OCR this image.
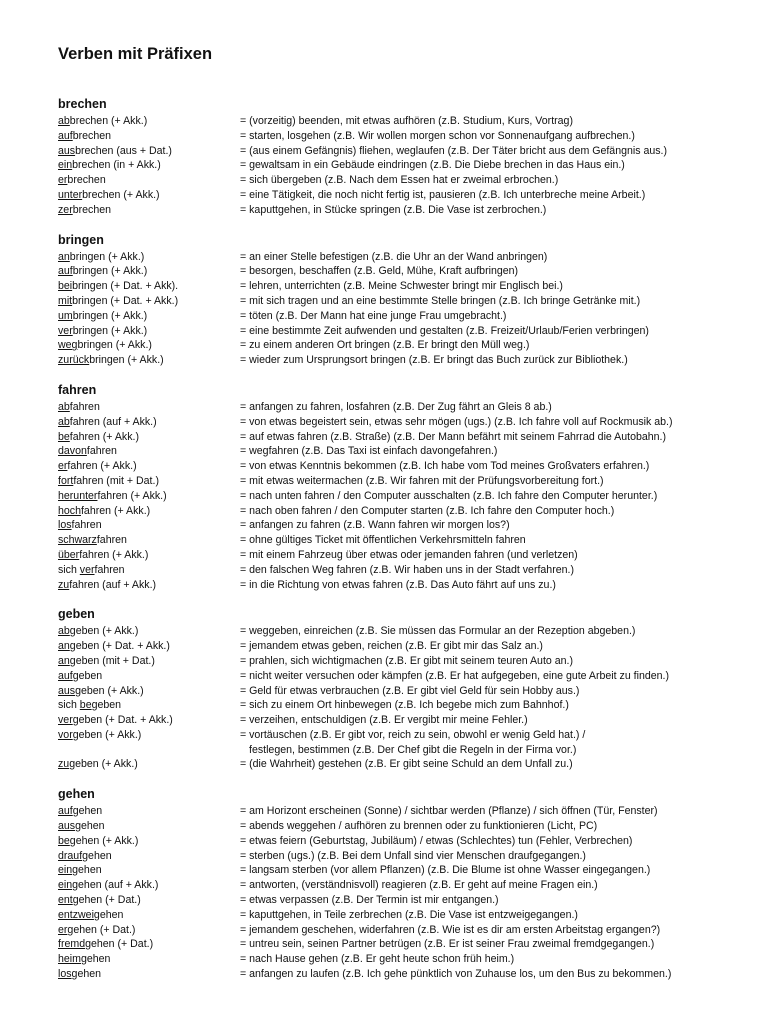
Verben mit Präfixen
brechen
abbrechen (+ Akk.)	= (vorzeitig) beenden, mit etwas aufhören (z.B. Studium, Kurs, Vortrag)
aufbrechen	= starten, losgehen (z.B. Wir wollen morgen schon vor Sonnenaufgang aufbrechen.)
ausbrechen (aus + Dat.)	= (aus einem Gefängnis) fliehen, weglaufen (z.B. Der Täter bricht aus dem Gefängnis aus.)
einbrechen (in + Akk.)	= gewaltsam in ein Gebäude eindringen (z.B. Die Diebe brechen in das Haus ein.)
erbrechen	= sich übergeben (z.B. Nach dem Essen hat er zweimal erbrochen.)
unterbrechen (+ Akk.)	= eine Tätigkeit, die noch nicht fertig ist, pausieren (z.B. Ich unterbreche meine Arbeit.)
zerbrechen	= kaputtgehen, in Stücke springen (z.B. Die Vase ist zerbrochen.)
bringen
anbringen (+ Akk.)	= an einer Stelle befestigen (z.B. die Uhr an der Wand anbringen)
aufbringen (+ Akk.)	= besorgen, beschaffen (z.B. Geld, Mühe, Kraft aufbringen)
beibringen (+ Dat. + Akk).	= lehren, unterrichten (z.B. Meine Schwester bringt mir Englisch bei.)
mitbringen (+ Dat. + Akk.)	= mit sich tragen und an eine bestimmte Stelle bringen (z.B. Ich bringe Getränke mit.)
umbringen (+ Akk.)	= töten (z.B. Der Mann hat eine junge Frau umgebracht.)
verbringen (+ Akk.)	= eine bestimmte Zeit aufwenden und gestalten (z.B. Freizeit/Urlaub/Ferien verbringen)
wegbringen (+ Akk.)	= zu einem anderen Ort bringen (z.B. Er bringt den Müll weg.)
zurückbringen (+ Akk.)	= wieder zum Ursprungsort bringen (z.B. Er bringt das Buch zurück zur Bibliothek.)
fahren
abfahren	= anfangen zu fahren, losfahren (z.B. Der Zug fährt an Gleis 8 ab.)
abfahren (auf + Akk.)	= von etwas begeistert sein, etwas sehr mögen (ugs.) (z.B. Ich fahre voll auf Rockmusik ab.)
befahren (+ Akk.)	= auf etwas fahren (z.B. Straße) (z.B. Der Mann befährt mit seinem Fahrrad die Autobahn.)
davonfahren	= wegfahren (z.B. Das Taxi ist einfach davongefahren.)
erfahren (+ Akk.)	= von etwas Kenntnis bekommen (z.B. Ich habe vom Tod meines Großvaters erfahren.)
fortfahren (mit + Dat.)	= mit etwas weitermachen (z.B. Wir fahren mit der Prüfungsvorbereitung fort.)
herunterfahren (+ Akk.)	= nach unten fahren / den Computer ausschalten (z.B. Ich fahre den Computer herunter.)
hochfahren (+ Akk.)	= nach oben fahren / den Computer starten (z.B. Ich fahre den Computer hoch.)
losfahren	= anfangen zu fahren (z.B. Wann fahren wir morgen los?)
schwarzfahren	= ohne gültiges Ticket mit öffentlichen Verkehrsmitteln fahren
überfahren (+ Akk.)	= mit einem Fahrzeug über etwas oder jemanden fahren (und verletzen)
sich verfahren	= den falschen Weg fahren (z.B. Wir haben uns in der Stadt verfahren.)
zufahren (auf + Akk.)	= in die Richtung von etwas fahren (z.B. Das Auto fährt auf uns zu.)
geben
abgeben (+ Akk.)	= weggeben, einreichen (z.B. Sie müssen das Formular an der Rezeption abgeben.)
angeben (+ Dat. + Akk.)	= jemandem etwas geben, reichen (z.B. Er gibt mir das Salz an.)
angeben (mit + Dat.)	= prahlen, sich wichtigmachen (z.B. Er gibt mit seinem teuren Auto an.)
aufgeben	= nicht weiter versuchen oder kämpfen (z.B. Er hat aufgegeben, eine gute Arbeit zu finden.)
ausgeben (+ Akk.)	= Geld für etwas verbrauchen (z.B. Er gibt viel Geld für sein Hobby aus.)
sich begeben	= sich zu einem Ort hinbewegen (z.B. Ich begebe mich zum Bahnhof.)
vergeben (+ Dat. + Akk.)	= verzeihen, entschuldigen (z.B. Er vergibt mir meine Fehler.)
vorgeben (+ Akk.)	= vortäuschen (z.B. Er gibt vor, reich zu sein, obwohl er wenig Geld hat.) /
festlegen, bestimmen (z.B. Der Chef gibt die Regeln in der Firma vor.)
zugeben (+ Akk.)	= (die Wahrheit) gestehen (z.B. Er gibt seine Schuld an dem Unfall zu.)
gehen
aufgehen	= am Horizont erscheinen (Sonne) / sichtbar werden (Pflanze) / sich öffnen (Tür, Fenster)
ausgehen	= abends weggehen / aufhören zu brennen oder zu funktionieren (Licht, PC)
begehen (+ Akk.)	= etwas feiern (Geburtstag, Jubiläum) / etwas (Schlechtes) tun (Fehler, Verbrechen)
draufgehen	= sterben (ugs.) (z.B. Bei dem Unfall sind vier Menschen draufgegangen.)
eingehen	= langsam sterben (vor allem Pflanzen) (z.B. Die Blume ist ohne Wasser eingegangen.)
eingehen (auf + Akk.)	= antworten, (verständnisvoll) reagieren (z.B. Er geht auf meine Fragen ein.)
entgehen (+ Dat.)	= etwas verpassen (z.B. Der Termin ist mir entgangen.)
entzweigehen	= kaputtgehen, in Teile zerbrechen (z.B. Die Vase ist entzweigegangen.)
ergehen (+ Dat.)	= jemandem geschehen, widerfahren (z.B. Wie ist es dir am ersten Arbeitstag ergangen?)
fremdgehen (+ Dat.)	= untreu sein, seinen Partner betrügen (z.B. Er ist seiner Frau zweimal fremdgegangen.)
heimgehen	= nach Hause gehen (z.B. Er geht heute schon früh heim.)
losgehen	= anfangen zu laufen (z.B. Ich gehe pünktlich von Zuhause los, um den Bus zu bekommen.)
